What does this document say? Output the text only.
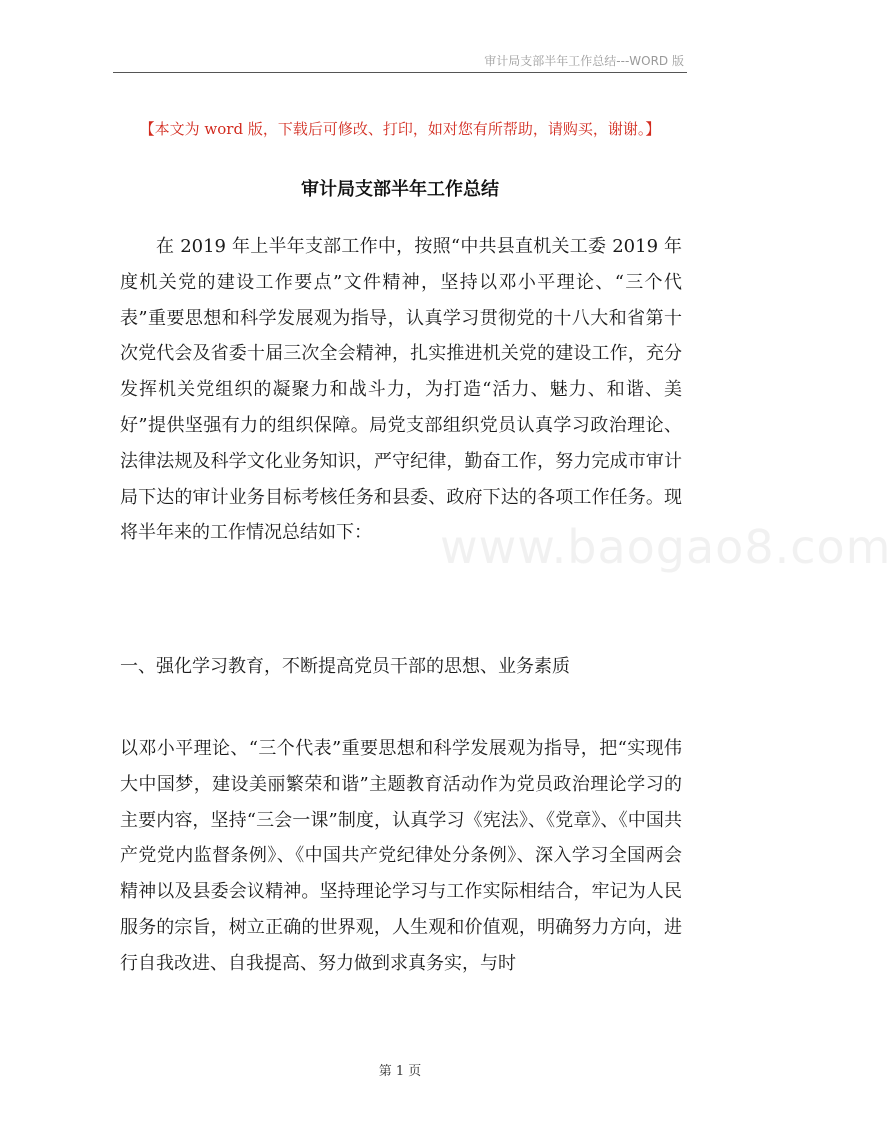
审计局支部半年工作总结---WORD 版
【本文为 word 版，下载后可修改、打印，如对您有所帮助，请购买，谢谢。】
审计局支部半年工作总结

在 2019 年上半年支部工作中，按照“中共县直机关工委 2019 年度机关党的建设工作要点”文件精神，坚持以邓小平理论、“三个代表”重要思想和科学发展观为指导，认真学习贯彻党的十八大和省第十次党代会及省委十届三次全会精神，扎实推进机关党的建设工作，充分发挥机关党组织的凝聚力和战斗力，为打造“活力、魅力、和谐、美好”提供坚强有力的组织保障。局党支部组织党员认真学习政治理论、法律法规及科学文化业务知识，严守纪律，勤奋工作，努力完成市审计局下达的审计业务目标考核任务和县委、政府下达的各项工作任务。现将半年来的工作情况总结如下：	www.baogao8.com

一、强化学习教育，不断提高党员干部的思想、业务素质

以邓小平理论、“三个代表”重要思想和科学发展观为指导，把“实现伟大中国梦，建设美丽繁荣和谐”主题教育活动作为党员政治理论学习的主要内容，坚持“三会一课”制度，认真学习《宪法》、《党章》、《中国共产党党内监督条例》、《中国共产党纪律处分条例》、深入学习全国两会精神以及县委会议精神。坚持理论学习与工作实际相结合，牢记为人民服务的宗旨，树立正确的世界观，人生观和价值观，明确努力方向，进行自我改进、自我提高、努力做到求真务实，与时

第 1 页
